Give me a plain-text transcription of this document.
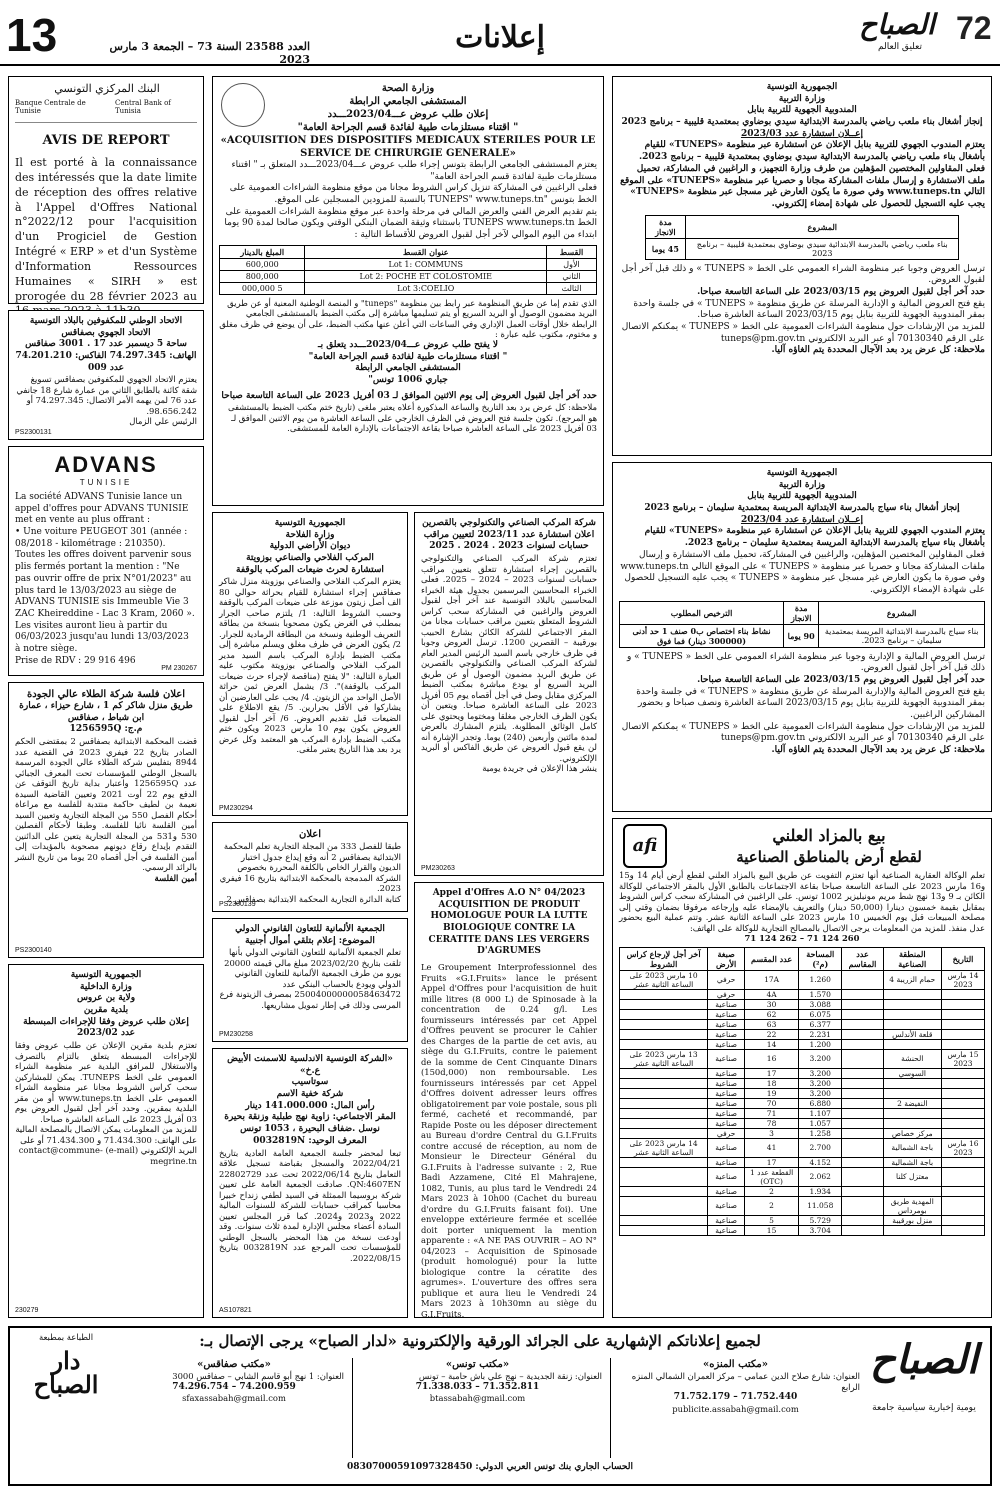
13	العدد 23588 السنة 73 – الجمعة 3 مارس 2023
إعلانات	72
الصباح
تعليق العالم
البنك المركزي التونسي
Banque Centrale de Tunisie
Central Bank of Tunisia
AVIS DE REPORT
Il est porté à la connaissance des intéressés que la date limite de réception des offres relative à l'Appel d'Offres National n°2022/12 pour l'acquisition d'un Progiciel de Gestion Intégré « ERP » et d'un Système d'Information Ressources Humaines « SIRH » est prorogée du 28 février 2023 au
الاتحاد الوطني للمكفوفين بالبلاد التونسية
الاتحاد الجهوي بصفاقس
ساحة 5 ديسمبر عدد 17 . 3001 صفاقس
الهاتف: 74.297.345 الفاكس: 74.201.210
عدد 009
يعتزم الاتحاد الجهوي للمكفوفين بصفاقس تسويغ شقة كائنة بالطابق الثاني من عمارة شارع 18 جانفي عدد 76 لمن يهمه الأمر الاتصال: 74.297.345 أو 98.656.242.
الرئيس علي الزمال
PS2300131
ADVANS
TUNISIE
La société ADVANS Tunisie lance un appel d'offres pour ADVANS TUNISIE met en vente au plus offrant :
• Une voiture PEUGEOT 301 (année : 08/2018 - kilométrage : 210350).
Toutes les offres doivent parvenir sous plis fermés portant la mention : "Ne pas ouvrir offre de prix N°01/2023" au plus tard le 13/03/2023 au siège de ADVANS TUNISIE sis Immeuble Vie 3 ZAC Kheireddine - Lac 3 Kram, 2060 ». Les visites auront lieu à partir du 06/03/2023 jusqu'au lundi 13/03/2023 à notre siège.
Prise de RDV : 29 916 496
PM 230267
اعلان فلسة شركة الطلاء عالي الجودة
طريق منزل شاكر كم 1 ، شارع حيزاء ، عمارة ابن شباط ، صفاقس
م.ج: 1256595Q
قضت المحكمة الابتدائية بصفاقس 2 بمقتضى الحكم الصادر بتاريخ 22 فيفري 2023 في القضية عدد 8944 بتفليس شركة الطلاء عالي الجودة المرسمة بالسجل الوطني للمؤسسات تحت المعرف الجبائي عدد 1256595Q واعتبار بداية تاريخ التوقف عن الدفع يوم 22 أوت 2021 وتعيين القاضية السيدة نعيمة بن لطيف حاكمة منتدبة للفلسة مع مراعاة أحكام الفصل 550 من المجلة التجارية وتعيين السيد أمين القلسة نائبا للفلسة. وطبقا لأحكام الفصلين 530 و531 من المجلة التجارية يتعين على الدائنين التقدم بإيداع رقاع ديونهم مصحوبة بالمؤيدات إلى أمين الفلسة في أجل أقصاه 20 يوما من تاريخ النشر بالرائد الرسمي.
أمين الفلسة
PS2300140
الجمهورية التونسية
وزارة الداخلية
ولاية بن عروس
بلدية مقرين
إعلان طلب عروض وفقا للإجراءات المبسطة
عدد 2023/02
تعتزم بلدية مقرين الإعلان عن طلب عروض وفقا للإجراءات المبسطة يتعلق بالتزام بالتصرف والاستغلال للمرافق البلدية عبر منظومة الشراء العمومي على الخط TUNEPS. يمكن للمشاركين سحب كراس الشروط مجانا عبر منظومة الشراء العمومي على الخط www.tuneps.tn أو من مقر البلدية بمقرين. وحدد آخر أجل لقبول العروض يوم 03 أفريل 2023 على الساعة العاشرة صباحا.
للمزيد من المعلومات يمكن الاتصال بالمصلحة المالية على الهاتف: 71.434.300 و 71.434.300 أو على البريد الإلكتروني (e-mail) contact@commune-megrine.tn
230279
وزارة الصحة
المستشفى الجامعي الرابطة
إعلان طلب عروض عـــ2023/04ـــدد
" اقتناء مستلزمات طبية لفائدة قسم الجراحة العامة"
«ACQUISITION DES DISPOSITIFS MEDICAUX STERILES POUR LE SERVICE DE CHIRURGIE GENERALE»
يعتزم المستشفى الجامعي الرابطة بتونس إجراء طلب عروض عـــ2023/04ـــدد المتعلق بـ " اقتناء مستلزمات طبية لفائدة قسم الجراحة العامة"
فعلى الراغبين في المشاركة تنزيل كراس الشروط مجانا من موقع منظومة الشراءات العمومية على الخط بتونس "TUNEPS" www.tuneps.tn بالنسبة للمزودين المسجلين على الموقع.
يتم تقديم العرض الفني والعرض المالي في مرحلة واحدة عبر موقع منظومة الشراءات العمومية على الخط TUNEPS www.tuneps.tn باستثناء وثيقة الضمان البنكي الوقتي ويكون صالحا لمدة 90 يوما ابتداء من اليوم الموالي لآخر أجل لقبول العروض للأقساط التالية :
القسط	عنوان القسط	المبلغ بالدينار
الأول	Lot 1: COMMUNS	600,000
الثاني	Lot 2: POCHE ET COLOSTOMIE	800,000
الثالث	Lot 3:COELIO	5 000,000
الذي تقدم إما عن طريق المنظومة عبر رابط بين منظومة "tuneps" و المنصة الوطنية المعنية أو عن طريق البريد مضمون الوصول أو البريد السريع أو يتم تسليمها مباشرة إلى مكتب الضبط بالمستشفى الجامعي الرابطة خلال أوقات العمل الإداري وفي الساعات التي أعلن عنها مكتب الضبط، على أن يوضع في ظرف مغلق و مختوم، مكتوب عليه عبارة :
لا يفتح طلب عروض عـــ2023/04ـــدد يتعلق بـ
" اقتناء مستلزمات طبية لفائدة قسم الجراحة العامة"
المستشفى الجامعي الرابطة
جباري 1006 تونس"
حدد آخر أجل لقبول العروض إلى يوم الاثنين الموافق لـ 03 أفريل 2023 على الساعة التاسعة صباحا
ملاحظة: كل عرض يرد بعد التاريخ والساعة المذكورة أعلاه يعتبر ملغى (تاريخ ختم مكتب الضبط بالمستشفى هو المرجع). تكون جلسة فتح العروض في الظرف الخارجي على الساعة العاشرة من يوم الاثنين الموافق لـ 03 أفريل 2023 على الساعة العاشرة صباحا بقاعة الاجتماعات بالإدارة العامة للمستشفى.
الجمهورية التونسية
وزارة الفلاحة
ديوان الأراضي الدولية
المركب الفلاحي والصناعي بوزويتة
استشارة لحرث ضيعات المركب بالوقفة
يعتزم المركب الفلاحي والصناعي بوزويتة منزل شاكر صفاقس إجراء استشارة للقيام بحراثة حوالي 80 الف أصل زيتون موزعة على ضيعات المركب بالوقفة وحسب الشروط التالية: 1/ يلتزم صاحب الجرار بمطلب في الغرض يكون مصحوبا بنسخة من بطاقة التعريف الوطنية ونسخة من البطاقة الرمادية للجرار. 2/ يكون العرض في ظرف مغلق ويسلم مباشرة إلى مكتب الضبط بإدارة المركب باسم السيد مدير المركب الفلاحي والصناعي بوزويتة مكتوب عليه العبارة التالية: "لا يفتح (مناقصة لإجراء حرث ضيعات المركب بالوقفة)". 3/ يشمل العرض ثمن حراثة الأصل الواحد من الزيتون. 4/ يجب على العارضين أن يشاركوا في الأقل بجرارين. 5/ يقع الاطلاع على الضيعات قبل تقديم العروض. 6/ آخر أجل لقبول العروض يكون يوم 10 مارس 2023 ويكون ختم مكتب الضبط بإدارة المركب هو المعتمد وكل عرض يرد بعد هذا التاريخ يعتبر ملغى.
PM230294
اعلان
طبقا للفصل 333 من المجلة التجارية تعلم المحكمة الابتدائية بصفاقس 2 أنه وقع إيداع جدول اختبار الديون والقرار الخاص بالكلفة المحررة بخصوص الشركة المدمجة بالمحكمة الابتدائية بتاريخ 16 فيفري 2023.
كتابة الدائرة التجارية المحكمة الابتدائية بصفاقس 2
PS2300139
الجمعية الألمانية للتعاون القانوني الدولي
الموضوع: إعلام بتلقي أموال أجنبية
تعلم الجمعية الألمانية للتعاون القانوني الدولي بأنها تلقت بتاريخ 2023/02/20 مبلغ مالي قيمته 20000 يورو من طرف الجمعية الألمانية للتعاون القانوني الدولي ويودع بالحساب البنكي عدد 25004000000058463472 بمصرف الزيتونة فرع المرسى وذلك في إطار تمويل مشاريعها.
PM230258
«الشركة التونسية الاندلسية للاسمنت الأبيض ع.خ»
سوتاسيب
شركة خفية الاسم
رأس المال: 141.000.000 دينار
المقر الاجتماعي: زاوية نهج طبلبة وزنقة بحيرة نوسل .ضفاف البحيرة ، 1053 تونس
المعرف الوحيد: 0032819N
تبعا لمحضر جلسة الجمعية العامة العادية بتاريخ 2022/04/21 والمسجل بقباضة تسجيل علاقة التعامل بتاريخ 2022/06/14 تحت عدد 22802729 QN:4607EN. صادقت الجمعية العامة على تعيين شركة بروسيما الممثلة في السيد لطفي زنداح خبيرا محاسبا كمراقب حسابات للشركة للسنوات المالية 2022 و2023 و2024. كما قرر المجلس تعيين السادة أعضاء مجلس الإدارة لمدة ثلاث سنوات. وقد أودعت نسخة من هذا المحضر بالسجل الوطني للمؤسسات تحت المرجع عدد 0032819N بتاريخ 2022/08/15.
AS107821
شركة المركب الصناعي والتكنولوجي بالقصرين
اعلان استشارة عدد 2023/11 لتعيين مراقب حسابات لسنوات 2023 . 2024 . 2025
تعتزم شركة المركب الصناعي والتكنولوجي بالقصرين إجراء استشارة تتعلق بتعيين مراقب حسابات لسنوات 2023 – 2024 – 2025. فعلى الخبراء المحاسبين المرسمين بجدول هيئة الخبراء المحاسبين بالبلاد التونسية عند آخر أجل لقبول العروض والراغبين في المشاركة سحب كراس الشروط المتعلق بتعيين مراقب حسابات مجانا من المقر الاجتماعي للشركة الكائن بشارع الحبيب بورقيبة – القصرين 1200. ترسل العروض وجوبا في ظرف خارجي باسم السيد الرئيس المدير العام لشركة المركب الصناعي والتكنولوجي بالقصرين عن طريق البريد مضمون الوصول أو عن طريق البريد السريع أو يودع مباشرة بمكتب الضبط المركزي مقابل وصل في أجل أقصاه يوم 05 أفريل 2023 على الساعة العاشرة صباحا. ويتعين أن يكون الظرف الخارجي مغلقا ومختوما ويحتوي على كامل الوثائق المطلوبة. يلتزم المشارك بالعرض لمدة مائتين وأربعين (240) يوما. وتجدر الإشارة أنه لن يقع قبول العروض عن طريق الفاكس أو البريد الإلكتروني.
ينشر هذا الإعلان في جريدة يومية
PM230263
Appel d'Offres A.O N° 04/2023 ACQUISITION DE PRODUIT HOMOLOGUE POUR LA LUTTE BIOLOGIQUE CONTRE LA CERATITE DANS LES VERGERS D'AGRUMES
Le Groupement Interprofessionnel des Fruits «G.I.Fruits» lance le présent Appel d'Offres pour l'acquisition de huit mille litres (8 000 L) de Spinosade à la concentration de 0.24 g/l. Les fournisseurs intéressés par cet Appel d'Offres peuvent se procurer le Cahier des Charges de la partie de cet avis, au siège du G.I.Fruits, contre le paiement de la somme de Cent Cinquante Dinars (150d,000) non remboursable. Les fournisseurs intéressés par cet Appel d'Offres doivent adresser leurs offres obligatoirement par voie postale, sous pli fermé, cacheté et recommandé, par Rapide Poste ou les déposer directement au Bureau d'ordre Central du G.I.Fruits contre accusé de réception, au nom de Monsieur le Directeur Général du G.I.Fruits à l'adresse suivante : 2, Rue Badi Azzamene, Cité El Mahrajene, 1082, Tunis, au plus tard le Vendredi 24 Mars 2023 à 10h00 (Cachet du bureau d'ordre du G.I.Fruits faisant foi). Une enveloppe extérieure fermée et scellée doit porter uniquement la mention apparente : «A NE PAS OUVRIR – AO N° 04/2023 – Acquisition de Spinosade (produit homologué) pour la lutte biologique contre la cératite des agrumes». L'ouverture des offres sera publique et aura lieu le Vendredi 24 Mars 2023 à 10h30mn au siège du G.I.Fruits.
الجمهورية التونسية
وزارة التربية
المندوبية الجهوية للتربية بنابل
إنجاز أشغال بناء ملعب رياضي بالمدرسة الابتدائية سيدي بوضاوي بمعتمدية قليبية – برنامج 2023
إعــلان استشارة عدد 2023/03
يعتزم المندوب الجهوي للتربية بنابل الإعلان عن استشارة عبر منظومة «TUNEPS» للقيام بأشغال بناء ملعب رياضي بالمدرسة الابتدائية سيدي بوضاوي بمعتمدية قليبية – برنامج 2023.
فعلى المقاولين المختصين المؤهلين من طرف وزارة التجهيز، و الراغبين في المشاركة، تحميل ملف الاستشارة و إرسال ملفات المشاركة مجانا و حصريا عبر منظومة «TUNEPS» على الموقع التالي www.tuneps.tn وفي صورة ما يكون العارض غير مسجل عبر منظومة «TUNEPS» يجب عليه التسجيل للحصول على شهادة إمضاء إلكتروني.
المشروع	مدة الانجاز
بناء ملعب رياضي بالمدرسة الابتدائية سيدي بوضاوي بمعتمدية قليبية – برنامج 2023	45 يوما
ترسل العروض وجوبا عبر منظومة الشراء العمومي على الخط « TUNEPS » و ذلك قبل آخر أجل لقبول العروض.
حدد آخر أجل لقبول العروض يوم 2023/03/15 على الساعة التاسعة صباحا.
يقع فتح العروض المالية و الإدارية المرسلة عن طريق منظومة « TUNEPS » في جلسة واحدة بمقر المندوبية الجهوية للتربية بنابل يوم 2023/03/15 الساعة العاشرة صباحا.
للمزيد من الإرشادات حول منظومة الشراءات العمومية على الخط « TUNEPS » يمكنكم الاتصال على الرقم 70130340 أو عبر البريد الالكتروني tuneps@pm.gov.tn
ملاحظة: كل عرض يرد بعد الآجال المحددة يتم الغاؤه آليا.
الجمهورية التونسية
وزارة التربية
المندوبية الجهوية للتربية بنابل
إنجاز أشغال بناء سياج بالمدرسة الابتدائية المريسة بمعتمدية سليمان – برنامج 2023
إعــلان استشارة عدد 2023/04
يعتزم المندوب الجهوي للتربية بنابل الإعلان عن استشارة عبر منظومة «TUNEPS» للقيام بأشغال بناء سياج بالمدرسة الابتدائية المريسة بمعتمدية سليمان – برنامج 2023.
فعلى المقاولين المختصين المؤهلين، والراغبين في المشاركة، تحميل ملف الاستشارة و إرسال ملفات المشاركة مجانا و حصريا عبر منظومة « TUNEPS » على الموقع التالي www.tuneps.tn وفي صورة ما يكون العارض غير مسجل عبر منظومة « TUNEPS » يجب عليه التسجيل للحصول على شهادة الإمضاء الإلكتروني.
المشروع	مدة الانجاز	الترخيص المطلوب
بناء سياج بالمدرسة الابتدائية المريسة بمعتمدية سليمان – برنامج 2023.	90 يوما	نشاط بناء اختصاص ب0 صنف 1 حد أدنى (300000 دينار) فما فوق
ترسل العروض المالية و الإدارية وجوبا عبر منظومة الشراء العمومي على الخط « TUNEPS » و ذلك قبل آخر أجل لقبول العروض.
حدد آخر أجل لقبول العروض يوم 2023/03/15 على الساعة التاسعة صباحا.
يقع فتح العروض المالية والإدارية المرسلة عن طريق منظومة « TUNEPS » في جلسة واحدة بمقر المندوبية الجهوية للتربية بنابل يوم 2023/03/15 الساعة العاشرة ونصف صباحا و بحضور المشاركين الراغبين.
للمزيد من الإرشادات حول منظومة الشراءات العمومية على الخط « TUNEPS » يمكنكم الاتصال على الرقم 70130340 أو عبر البريد الالكتروني tuneps@pm.gov.tn
ملاحظة: كل عرض يرد بعد الآجال المحددة يتم الغاؤه آليا.
afi	بيع بالمزاد العلني
لقطع أرض بالمناطق الصناعية
تعلم الوكالة العقارية الصناعية أنها تعتزم التفويت عن طريق البيع بالمزاد العلني لقطع أرض أيام 14 و15 و16 مارس 2023 على الساعة التاسعة صباحا بقاعة الاجتماعات بالطابق الأول بالمقر الاجتماعي للوكالة الكائن بـ 9 و13 نهج شط مريم مونبليزير 1002 تونس. على الراغبين في المشاركة سحب كراس الشروط بمقابل بقيمة خمسون دينارا (50,000 دينار) والتعريف بالإمضاء عليه وإرجاعه مرفوقا بضمان وقتي إلى مصلحة المبيعات قبل يوم الخميس 10 مارس 2023 على الساعة الثانية عشر. وتتم عملية البيع بحضور عدل منفذ. للمزيد من المعلومات يرجى الاتصال بالمصالح التجارية للوكالة على الهاتف:
71 124 262 – 71 124 260
التاريخ	المنطقة الصناعية	عدد المقاسم	المساحة (م²)	عدد المقسم	صبغة الأرض	آخر أجل لإرجاع كراس الشروط
14 مارس 2023	حمام الزريبة 4		1.260	17A	حرفي	10 مارس 2023 على الساعة الثانية عشر
			1.570	4A	حرفي	
			3.088	30	صناعية	
			6.075	62	صناعية	
			6.377	63	صناعية	
	قلعة الأندلس		2.231	22	صناعية	
			1.200	14	صناعية	
15 مارس 2023	الحنشة		3.200	16	صناعية	13 مارس 2023 على الساعة الثانية عشر
	السوسي		3.200	17	صناعية	
			3.200	18	صناعية	
			3.200	19	صناعية	
	النفيضة 2		6.880	70	صناعية	
			1.107	71	صناعية	
			1.057	78	صناعية	
	مركز خصاص		1.258	3	حرفي	
16 مارس 2023	باجة الشمالية		2.700	41	صناعية	14 مارس 2023 على الساعة الثانية عشر
	باجة الشمالية		4.152	17	صناعية	
	معتزل كلنا		2.062	القطعة عدد 1 (OTC)	صناعية	
			1.934	2	صناعية	
	المهدية طريق بومرداس		11.058	2	صناعية	
	منزل بورقيبة		5.729	5	صناعية	
			3.704	15	صناعية	
الصباح
يومية إخبارية سياسية جامعة
لجميع إعلاناتكم الإشهارية على الجرائد الورقية والإلكترونية «لدار الصباح» يرجى الإتصال بـ:
«مكتب المنزه»
العنوان: شارع صلاح الدين عمامي – مركز العمران الشمالي المنزه الرابع
71.752.179 – 71.752.440
publicite.assabah@gmail.com
«مكتب تونس»
العنوان: زنقة الجديدية – نهج علي باش حامبة – تونس
71.338.033 – 71.352.811
btassabah@gmail.com
«مكتب صفاقس»
العنوان: 1 نهج أبو قاسم الشابي – صفاقس 3000
74.296.754 – 74.200.959
sfaxassabah@gmail.com
الطباعة بمطبعة
دار الصباح
الحساب الجاري بنك تونس العربي الدولي: 08307000591097328450
